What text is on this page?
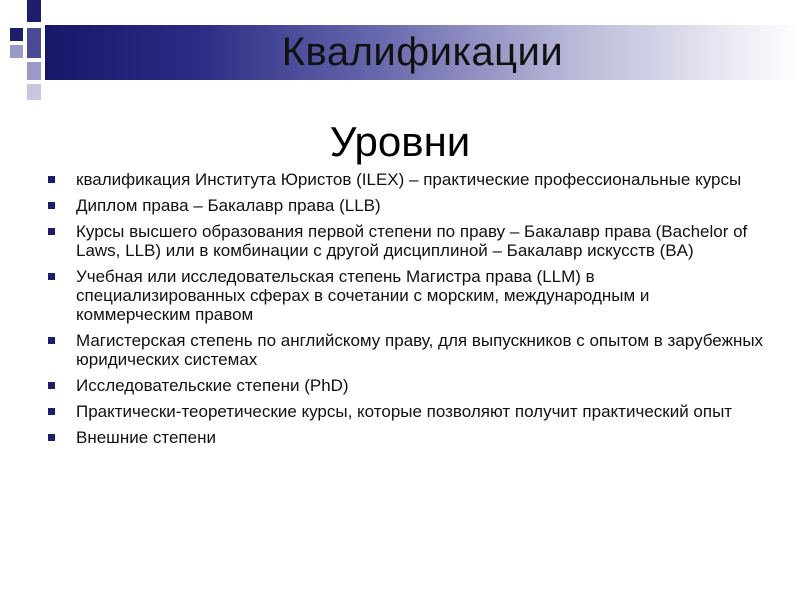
Квалификации
Уровни
квалификация Института Юристов (ILEX) – практические профессиональные курсы
Диплом права – Бакалавр права (LLB)
Курсы высшего образования первой степени по праву – Бакалавр права (Bachelor of Laws, LLB) или в комбинации с другой дисциплиной – Бакалавр искусств (BA)
Учебная или исследовательская степень Магистра права (LLM) в специализированных сферах в сочетании с морским, международным и коммерческим правом
Магистерская степень по английскому праву, для выпускников с опытом в зарубежных юридических системах
Исследовательские степени (PhD)
Практически-теоретические курсы, которые позволяют получит практический опыт
Внешние степени
